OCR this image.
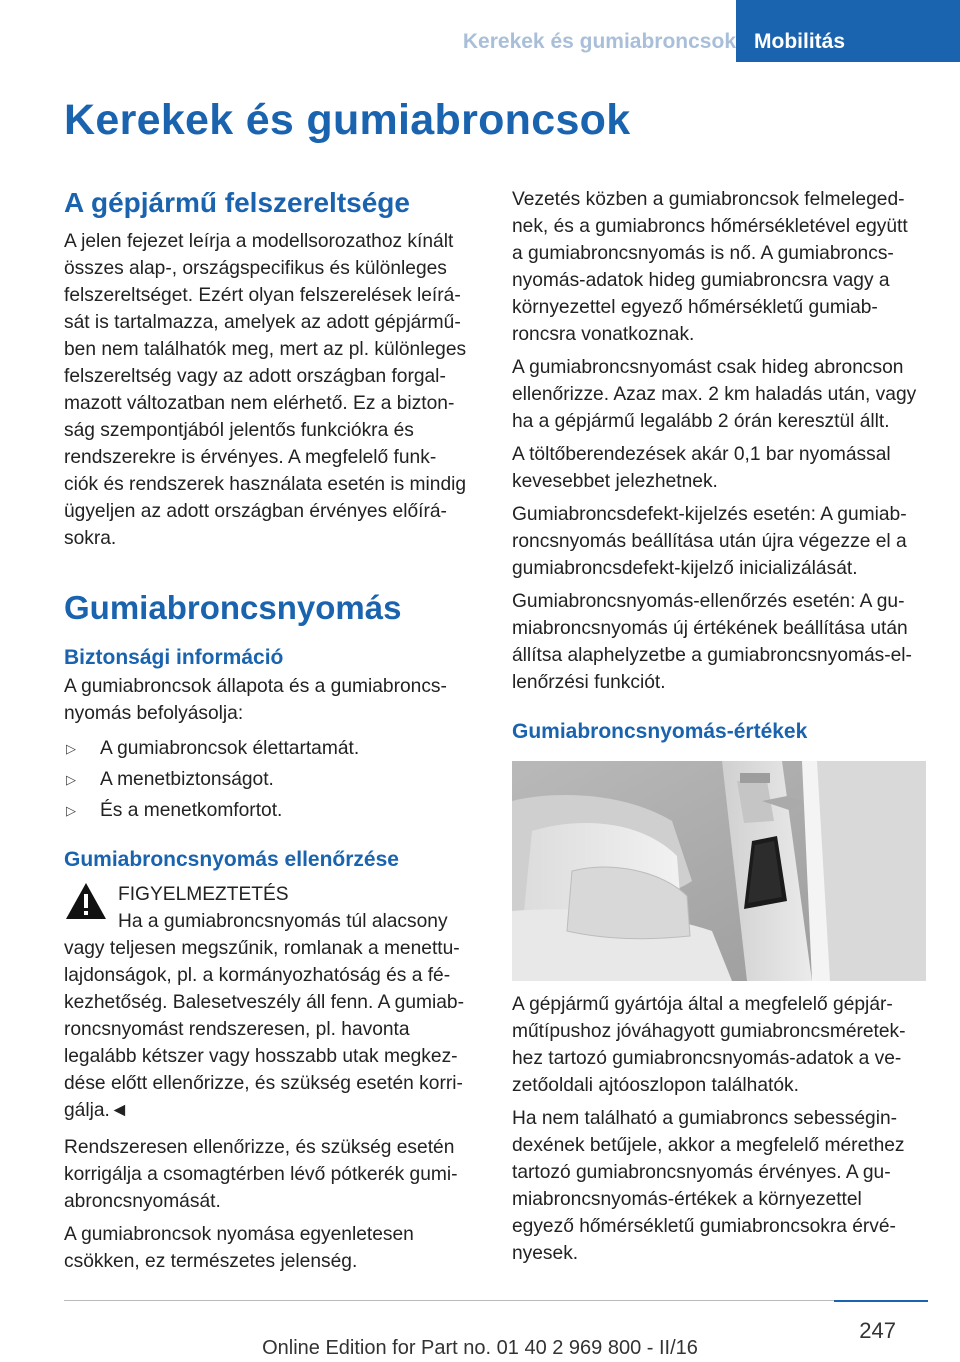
Kerekek és gumiabroncsok Mobilitás
Kerekek és gumiabroncsok
A gépjármű felszereltsége

A jelen fejezet leírja a modellsorozathoz kínált
összes alap-, országspecifikus és különleges
felszereltséget. Ezért olyan felszerelések leírá-
sát is tartalmazza, amelyek az adott gépjármű-
ben nem találhatók meg, mert az pl. különleges
felszereltség vagy az adott országban forgal-
mazott változatban nem elérhető. Ez a bizton-
ság szempontjából jelentős funkciókra és
rendszerekre is érvényes. A megfelelő funk-
ciók és rendszerek használata esetén is mindig
ügyeljen az adott országban érvényes előírá-
sokra.

Gumiabroncsnyomás
Biztonsági információ

A gumiabroncsok állapota és a gumiabroncs-
nyomás befolyásolja:

▷ A gumiabroncsok élettartamát.
▷ A menetbiztonságot.
▷ És a menetkomfortot.
Gumiabroncsnyomás ellenőrzése
FIGYELMEZTETÉS
Ha a gumiabroncsnyomás túl alacsony

vagy teljesen megszűnik, romlanak a menettu-
lajdonságok, pl. a kormányozhatóság és a fé-
kezhetőség. Balesetveszély áll fenn. A gumiab-
roncsnyomást rendszeresen, pl. havonta
legalább kétszer vagy hosszabb utak megkez-
dése előtt ellenőrizze, és szükség esetén korri-
gálja.◄

Rendszeresen ellenőrizze, és szükség esetén
korrigálja a csomagtérben lévő pótkerék gumi-
abroncsnyomását.

A gumiabroncsok nyomása egyenletesen
csökken, ez természetes jelenség.

Vezetés közben a gumiabroncsok felmeleged-
nek, és a gumiabroncs hőmérsékletével együtt
a gumiabroncsnyomás is nő. A gumiabroncs-
nyomás-adatok hideg gumiabroncsra vagy a
környezettel egyező hőmérsékletű gumiab-
roncsra vonatkoznak.

A gumiabroncsnyomást csak hideg abroncson
ellenőrizze. Azaz max. 2 km haladás után, vagy
ha a gépjármű legalább 2 órán keresztül állt.

A töltőberendezések akár 0,1 bar nyomással
kevesebbet jelezhetnek.

Gumiabroncsdefekt-kijelzés esetén: A gumiab-
roncsnyomás beállítása után újra végezze el a
gumiabroncsdefekt-kijelző inicializálását.

Gumiabroncsnyomás-ellenőrzés esetén: A gu-
miabroncsnyomás új értékének beállítása után
állítsa alaphelyzetbe a gumiabroncsnyomás-el-
lenőrzési funkciót.

Gumiabroncsnyomás-értékek

A gépjármű gyártója által a megfelelő gépjár-
műtípushoz jóváhagyott gumiabroncsméretek-
hez tartozó gumiabroncsnyomás-adatok a ve-
zetőoldali ajtóoszlopon találhatók.

Ha nem található a gumiabroncs sebességin-
dexének betűjele, akkor a megfelelő mérethez
tartozó gumiabroncsnyomás érvényes. A gu-
miabroncsnyomás-értékek a környezettel
egyező hőmérsékletű gumiabroncsokra érvé-
nyesek.

247
Online Edition for Part no. 01 40 2 969 800 - II/16
